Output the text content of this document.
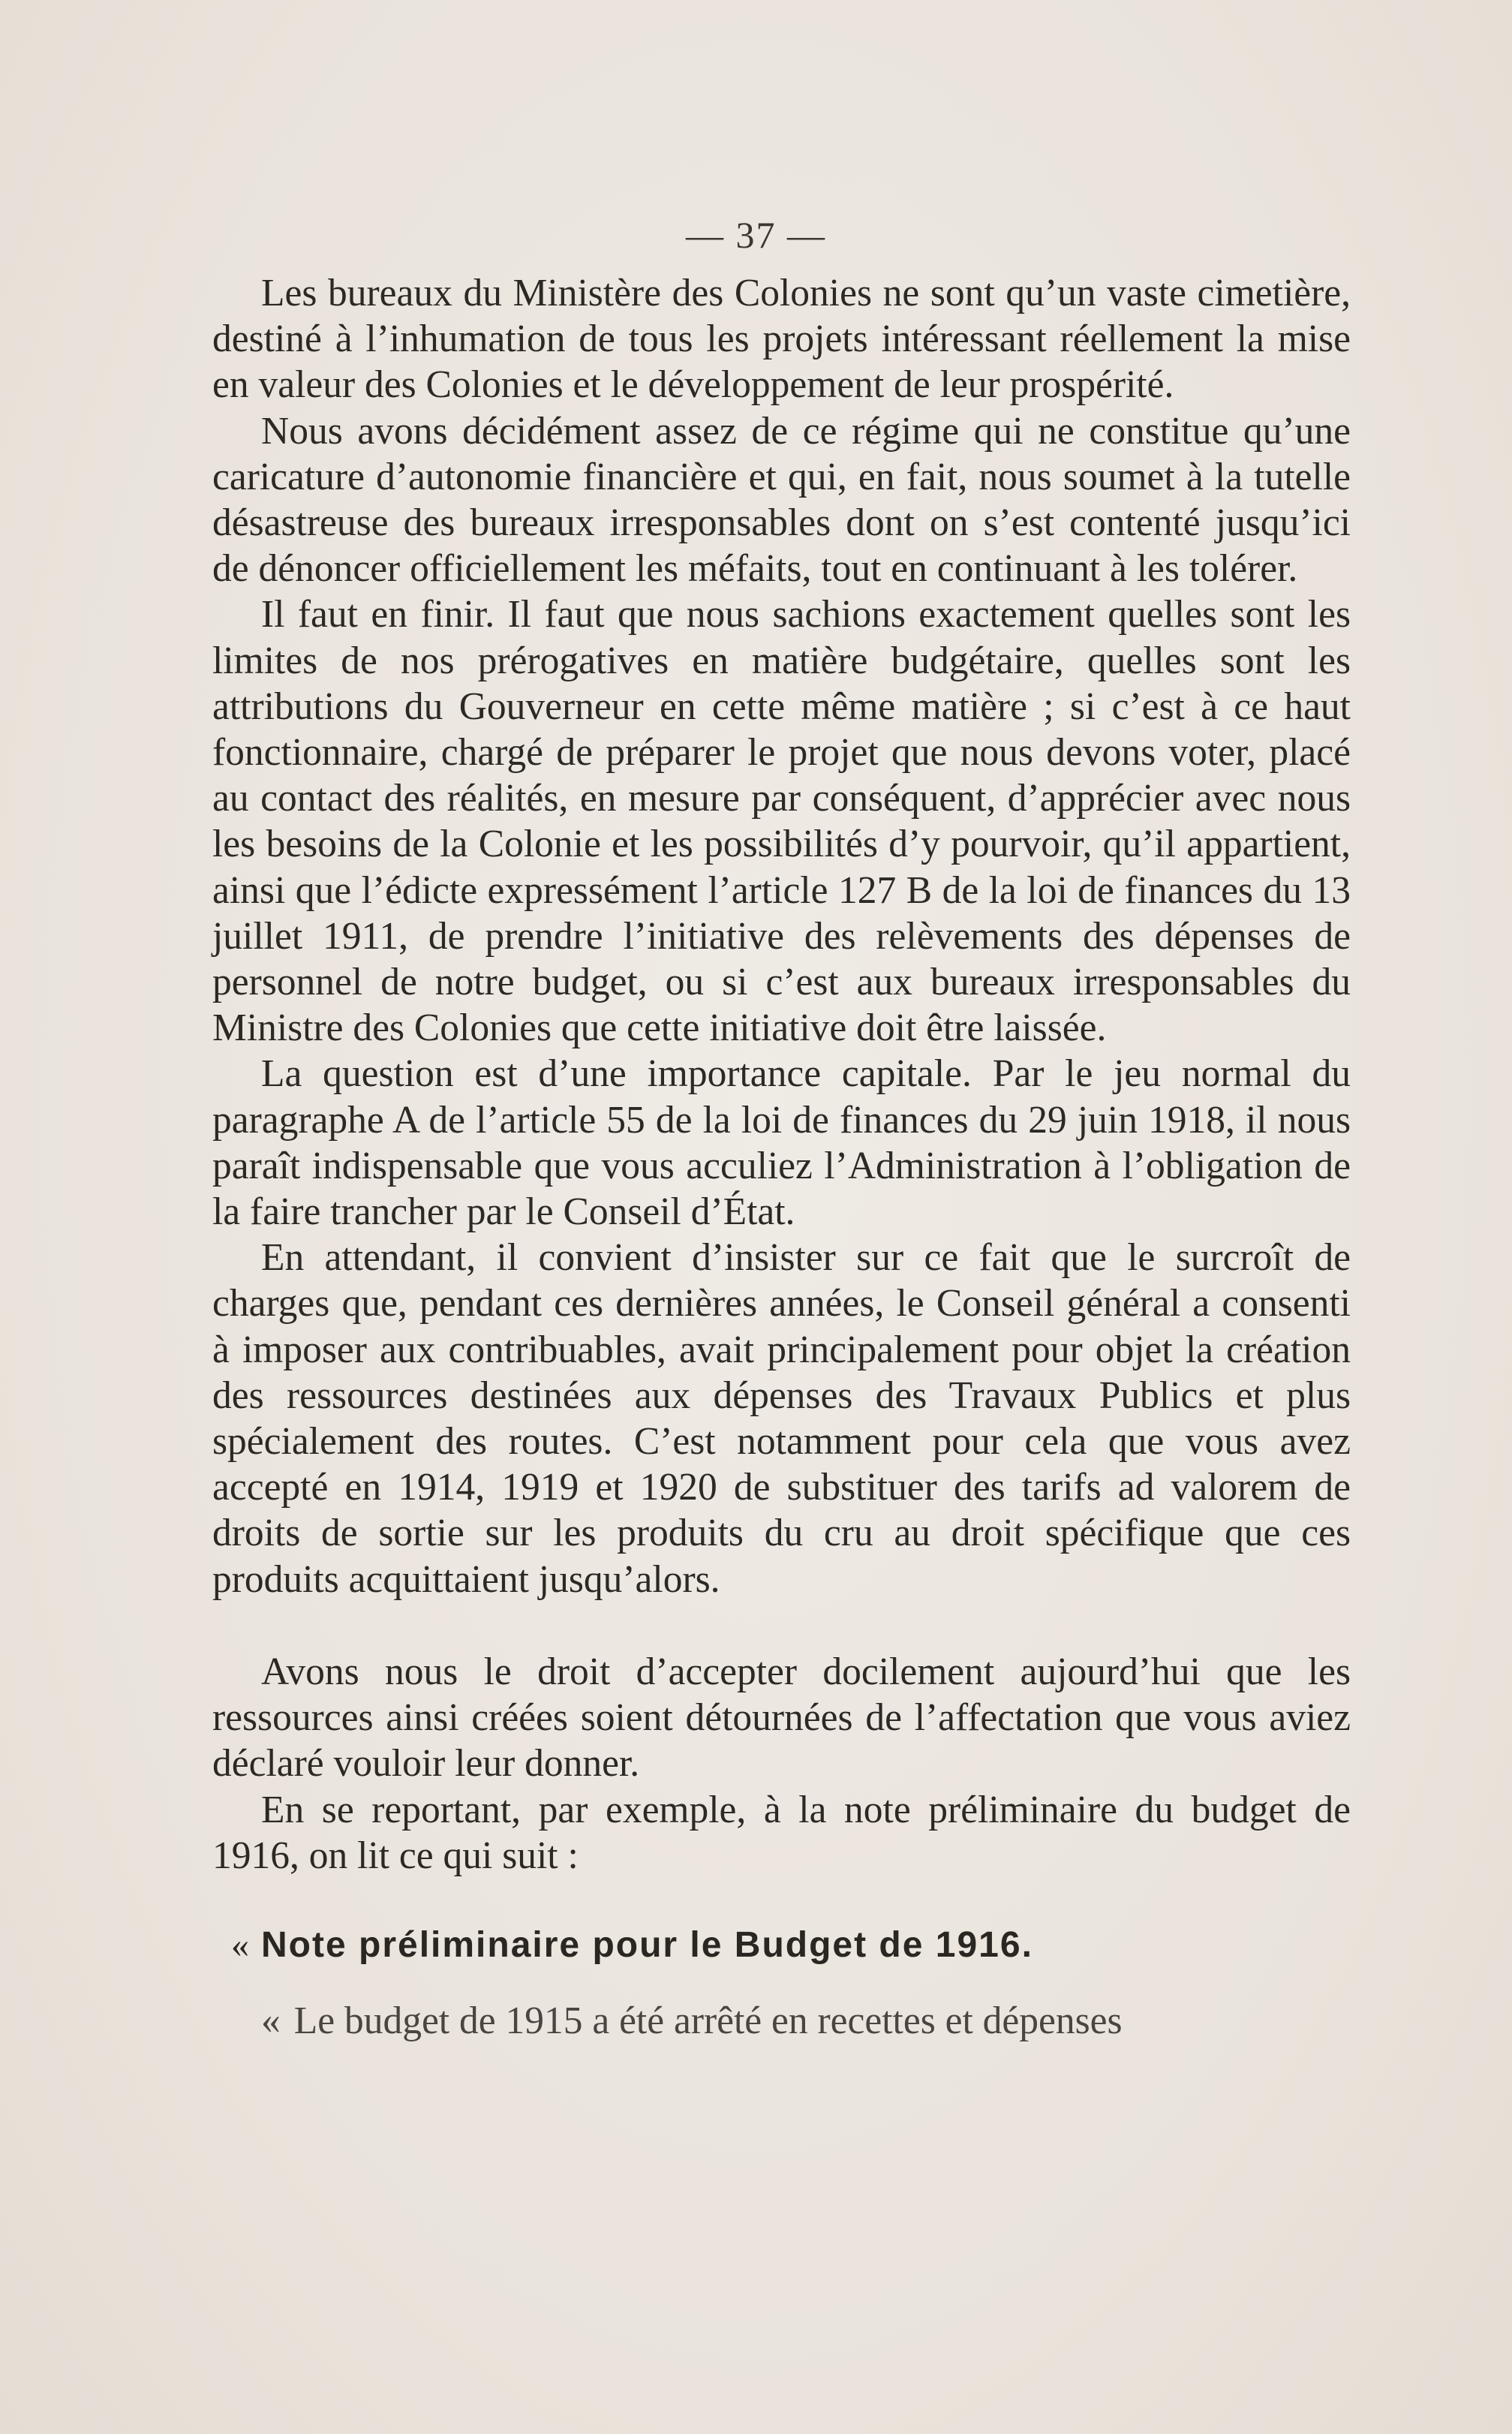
— 37 —

Les bureaux du Ministère des Colonies ne sont qu’un vaste cimetière, destiné à l’inhumation de tous les projets intéressant réellement la mise en valeur des Colonies et le développement de leur prospérité.

Nous avons décidément assez de ce régime qui ne constitue qu’une caricature d’autonomie financière et qui, en fait, nous soumet à la tutelle désastreuse des bureaux irresponsables dont on s’est contenté jusqu’ici de dénoncer officiellement les méfaits, tout en continuant à les tolérer.

Il faut en finir. Il faut que nous sachions exactement quelles sont les limites de nos prérogatives en matière budgétaire, quelles sont les attributions du Gouverneur en cette même matière ; si c’est à ce haut fonctionnaire, chargé de préparer le projet que nous devons voter, placé au contact des réalités, en mesure par conséquent, d’apprécier avec nous les besoins de la Colonie et les possibilités d’y pourvoir, qu’il appartient, ainsi que l’édicte expressément l’article 127 B de la loi de finances du 13 juillet 1911, de prendre l’initiative des relèvements des dépenses de personnel de notre budget, ou si c’est aux bureaux irresponsables du Ministre des Colonies que cette initiative doit être laissée.

La question est d’une importance capitale. Par le jeu normal du paragraphe A de l’article 55 de la loi de finances du 29 juin 1918, il nous paraît indispensable que vous acculiez l’Administration à l’obligation de la faire trancher par le Conseil d’État.

En attendant, il convient d’insister sur ce fait que le surcroît de charges que, pendant ces dernières années, le Conseil général a consenti à imposer aux contribuables, avait principalement pour objet la création des ressources destinées aux dépenses des Travaux Publics et plus spécialement des routes. C’est notamment pour cela que vous avez accepté en 1914, 1919 et 1920 de substituer des tarifs ad valorem de droits de sortie sur les produits du cru au droit spécifique que ces produits acquittaient jusqu’alors.

Avons nous le droit d’accepter docilement aujourd’hui que les ressources ainsi créées soient détournées de l’affectation que vous aviez déclaré vouloir leur donner.

En se reportant, par exemple, à la note préliminaire du budget de 1916, on lit ce qui suit :

« Note préliminaire pour le Budget de 1916.

« Le budget de 1915 a été arrêté en recettes et dépenses
